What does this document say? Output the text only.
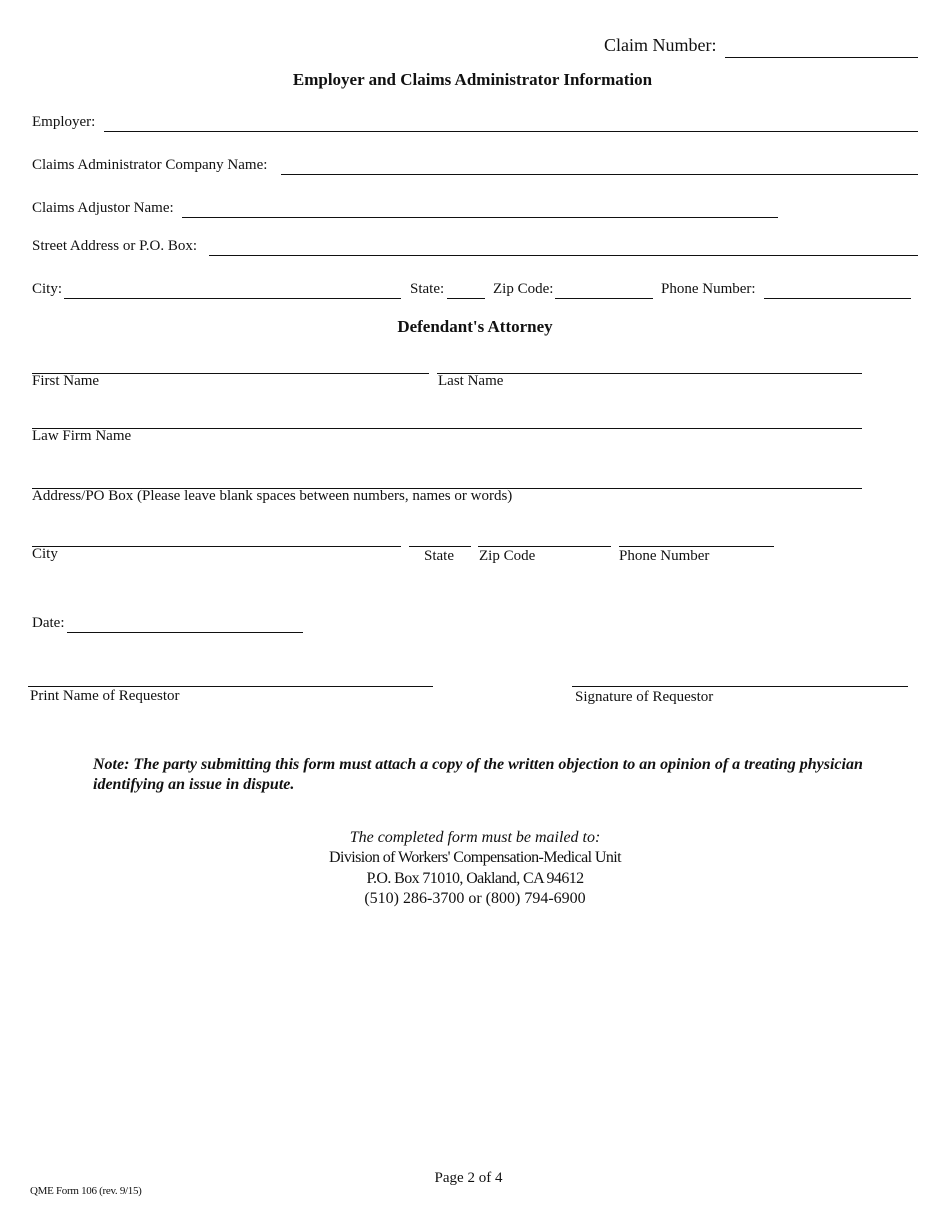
Claim Number:
Employer and Claims Administrator Information
Employer:
Claims Administrator Company Name:
Claims Adjustor Name:
Street Address or P.O. Box:
City:	State:	Zip Code:	Phone Number:
Defendant's Attorney
First Name	Last Name
Law Firm Name
Address/PO Box (Please leave blank spaces between numbers, names or words)
City	State Zip Code	Phone Number
Date:
Print Name of Requestor	Signature of Requestor
Note: The party submitting this form must attach a copy of the written objection to an opinion of a treating physician identifying an issue in dispute.
The completed form must be mailed to:
Division of Workers' Compensation-Medical Unit
P.O. Box 71010, Oakland, CA 94612
(510) 286-3700 or (800) 794-6900
Page 2 of 4
QME Form 106 (rev. 9/15)
